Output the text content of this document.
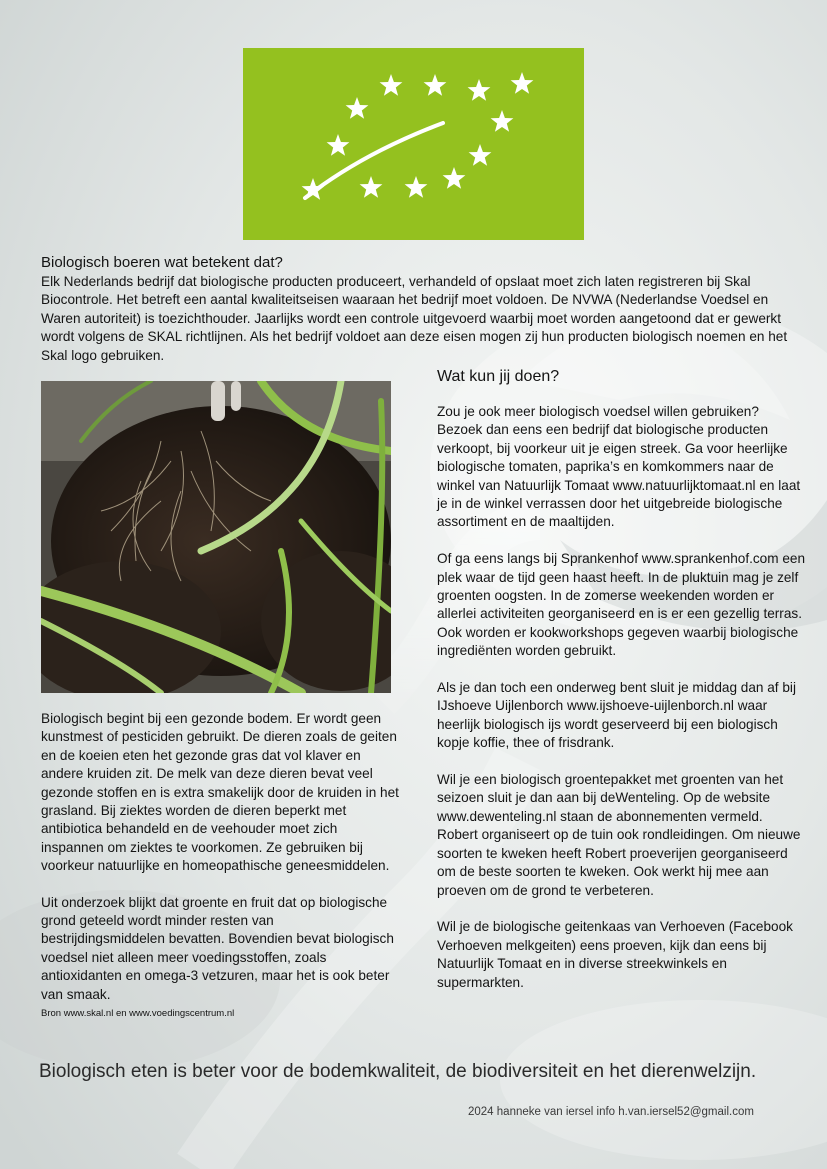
Biologisch boeren wat betekent dat?

Elk Nederlands bedrijf dat biologische producten produceert, verhandeld of opslaat moet zich laten registreren bij Skal Biocontrole. Het betreft een aantal kwaliteitseisen waaraan het bedrijf moet voldoen. De NVWA (Nederlandse Voedsel en Waren autoriteit) is toezichthouder. Jaarlijks wordt een controle uitgevoerd waarbij moet worden aangetoond dat er gewerkt wordt volgens de SKAL richtlijnen. Als het bedrijf voldoet aan deze eisen mogen zij hun producten biologisch noemen en het Skal logo gebruiken.

Biologisch begint bij een gezonde bodem. Er wordt geen kunstmest of pesticiden gebruikt. De dieren zoals de geiten en de koeien eten het gezonde gras dat vol klaver en andere kruiden zit. De melk van deze dieren bevat veel gezonde stoffen en is extra smakelijk door de kruiden in het grasland. Bij ziektes worden de dieren beperkt met antibiotica behandeld en de veehouder moet zich inspannen om ziektes te voorkomen. Ze gebruiken bij voorkeur natuurlijke en homeopathische geneesmiddelen.

Uit onderzoek blijkt dat groente en fruit dat op biologische grond geteeld wordt minder resten van bestrijdingsmiddelen bevatten. Bovendien bevat biologisch voedsel niet alleen meer voedingsstoffen, zoals antioxidanten en omega-3 vetzuren, maar het is ook beter van smaak.

Bron www.skal.nl en www.voedingscentrum.nl

Wat kun jij doen?

Zou je ook meer biologisch voedsel willen gebruiken? Bezoek dan eens een bedrijf dat biologische producten verkoopt, bij voorkeur uit je eigen streek. Ga voor heerlijke biologische tomaten, paprika’s en komkommers naar de winkel van Natuurlijk Tomaat www.natuurlijktomaat.nl en laat je in de winkel verrassen door het uitgebreide biologische assortiment en de maaltijden.

Of ga eens langs bij Sprankenhof www.sprankenhof.com een plek waar de tijd geen haast heeft. In de pluktuin mag je zelf groenten oogsten. In de zomerse weekenden worden er allerlei activiteiten georganiseerd en is er een gezellig terras. Ook worden er kookworkshops gegeven waarbij biologische ingrediënten worden gebruikt.

Als je dan toch een onderweg bent sluit je middag dan af bij IJshoeve Uijlenborch www.ijshoeve-uijlenborch.nl waar heerlijk biologisch ijs wordt geserveerd bij een biologisch kopje koffie, thee of frisdrank.

Wil je een biologisch groentepakket met groenten van het seizoen sluit je dan aan bij deWenteling. Op de website www.dewenteling.nl staan de abonnementen vermeld. Robert organiseert op de tuin ook rondleidingen. Om nieuwe soorten te kweken heeft Robert proeverijen georganiseerd om de beste soorten te kweken. Ook werkt hij mee aan proeven om de grond te verbeteren.

Wil je de biologische geitenkaas van Verhoeven (Facebook Verhoeven melkgeiten) eens proeven, kijk dan eens bij Natuurlijk Tomaat en in diverse streekwinkels en supermarkten.

Biologisch eten is beter voor de bodemkwaliteit, de biodiversiteit en het dierenwelzijn.

2024 hanneke van iersel info h.van.iersel52@gmail.com
